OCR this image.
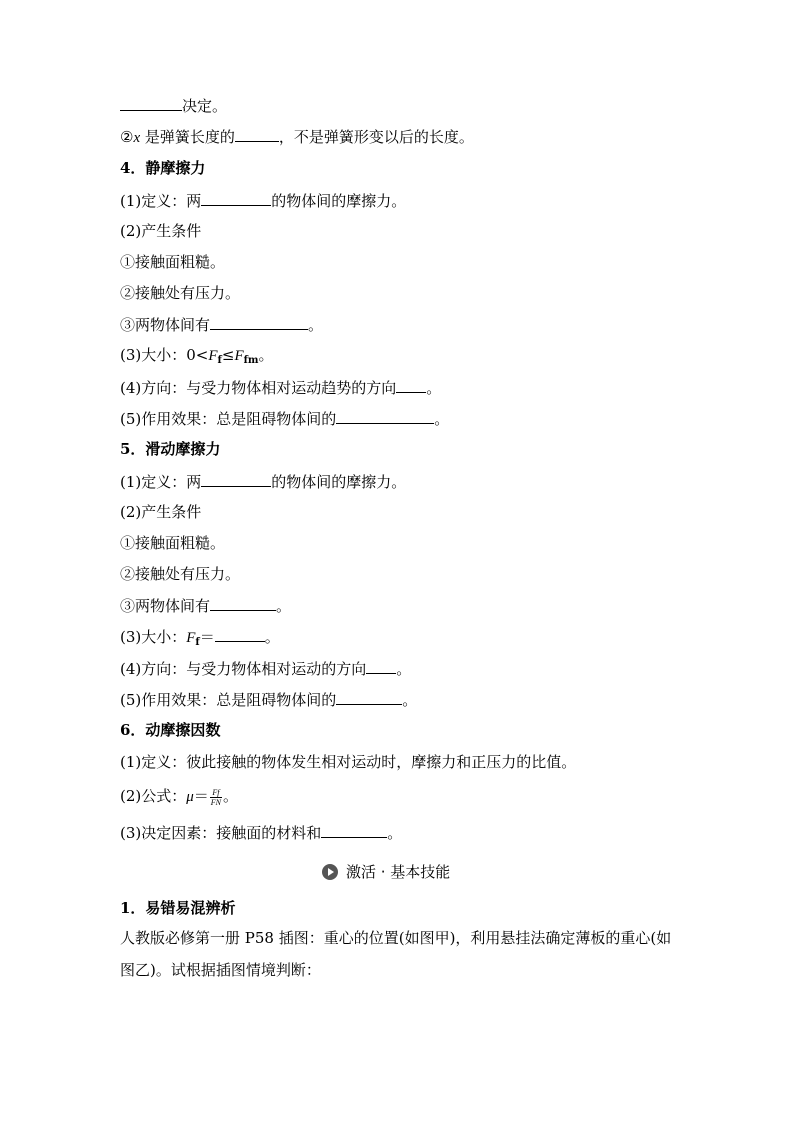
决定。
②x 是弹簧长度的	，不是弹簧形变以后的长度。
4．静摩擦力
(1)定义：两	的物体间的摩擦力。
(2)产生条件
①接触面粗糙。
②接触处有压力。
③两物体间有	。
(3)大小：$0<F_f\le F_{fm}$。
(4)方向：与受力物体相对运动趋势的方向 。
(5)作用效果：总是阻碍物体间的	。
5．滑动摩擦力
(1)定义：两	的物体间的摩擦力。
(2)产生条件
①接触面粗糙。
②接触处有压力。
③两物体间有	。
(3)大小：$F_f=$	。
(4)方向：与受力物体相对运动的方向 。
(5)作用效果：总是阻碍物体间的	。
6．动摩擦因数
(1)定义：彼此接触的物体发生相对运动时，摩擦力和正压力的比值。
(2)公式：$\mu= \frac{Ff}{FN}$ 。
(3)决定因素：接触面的材料和	。
激活 · 基本技能
1．易错易混辨析
人教版必修第一册 P58 插图：重心的位置(如图甲)，利用悬挂法确定薄板的重心(如图乙)。试根据插图情境判断：
